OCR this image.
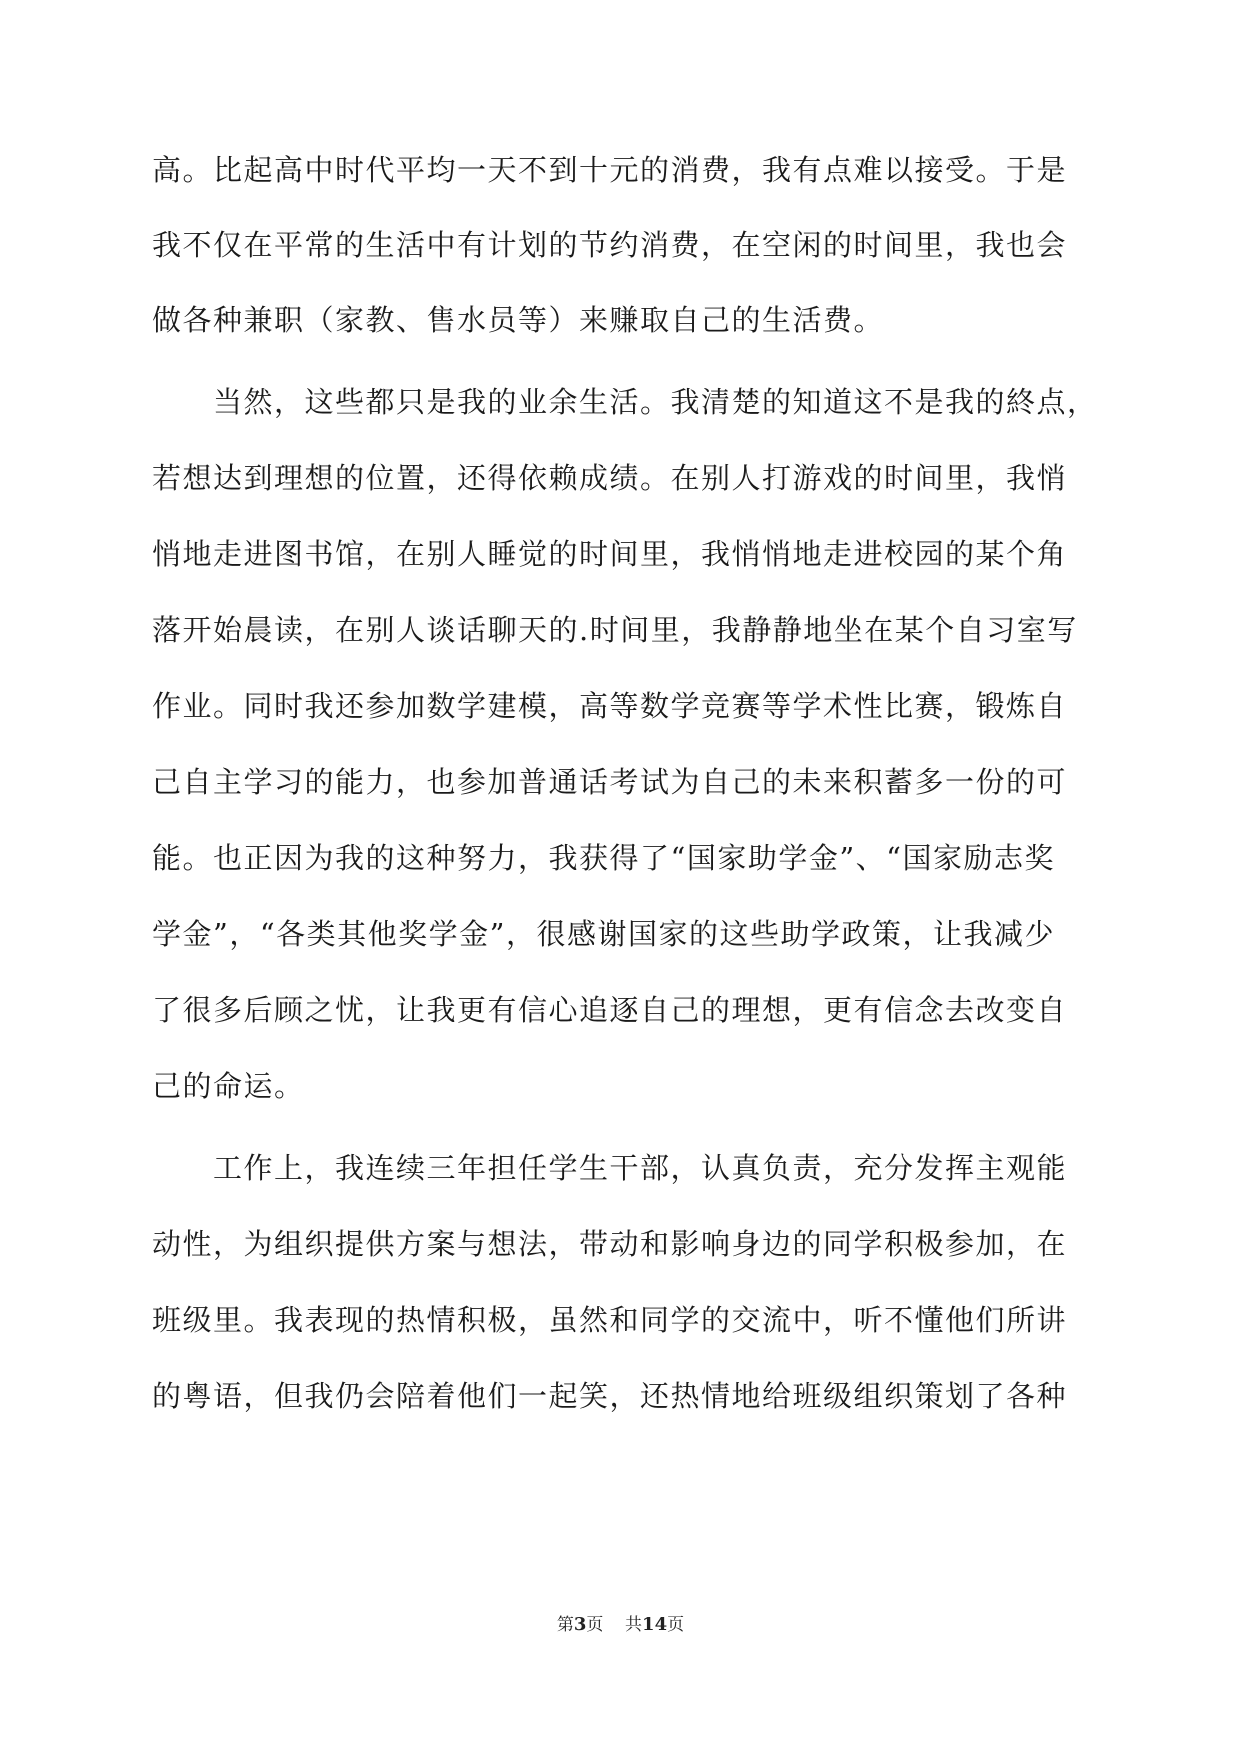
高。比起高中时代平均一天不到十元的消费，我有点难以接受。于是
我不仅在平常的生活中有计划的节约消费，在空闲的时间里，我也会
做各种兼职（家教、售水员等）来赚取自己的生活费。
　　当然，这些都只是我的业余生活。我清楚的知道这不是我的終点，
若想达到理想的位置，还得依赖成绩。在别人打游戏的时间里，我悄
悄地走进图书馆，在别人睡觉的时间里，我悄悄地走进校园的某个角
落开始晨读，在别人谈话聊天的.时间里，我静静地坐在某个自习室写
作业。同时我还参加数学建模，高等数学竞赛等学术性比赛，锻炼自
己自主学习的能力，也参加普通话考试为自己的未来积蓄多一份的可
能。也正因为我的这种努力，我获得了“国家助学金”、“国家励志奖
学金”，“各类其他奖学金”，很感谢国家的这些助学政策，让我减少
了很多后顾之忧，让我更有信心追逐自己的理想，更有信念去改变自
己的命运。
　　工作上，我连续三年担任学生干部，认真负责，充分发挥主观能
动性，为组织提供方案与想法，带动和影响身边的同学积极参加，在
班级里。我表现的热情积极，虽然和同学的交流中，听不懂他们所讲
的粤语，但我仍会陪着他们一起笑，还热情地给班级组织策划了各种
第3页 共14页
